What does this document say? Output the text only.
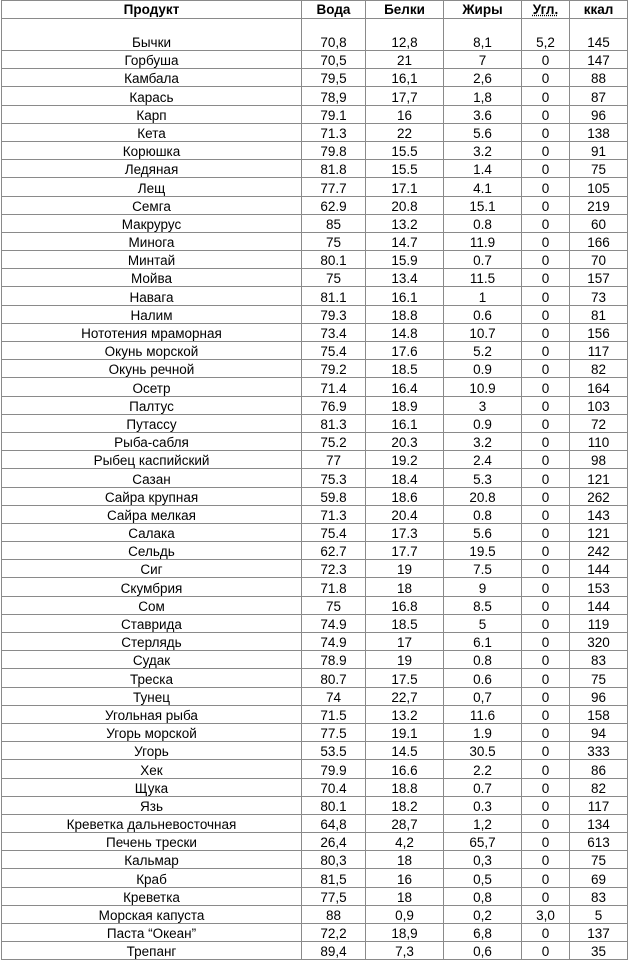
Продукт	Вода	Белки	Жиры	Угл.	ккал
Бычки	70,8	12,8	8,1	5,2	145
Горбуша	70,5	21	7	0	147
Камбала	79,5	16,1	2,6	0	88
Карась	78,9	17,7	1,8	0	87
Карп	79.1	16	3.6	0	96
Кета	71.3	22	5.6	0	138
Корюшка	79.8	15.5	3.2	0	91
Ледяная	81.8	15.5	1.4	0	75
Лещ	77.7	17.1	4.1	0	105
Семга	62.9	20.8	15.1	0	219
Макрурус	85	13.2	0.8	0	60
Минога	75	14.7	11.9	0	166
Минтай	80.1	15.9	0.7	0	70
Мойва	75	13.4	11.5	0	157
Навага	81.1	16.1	1	0	73
Налим	79.3	18.8	0.6	0	81
Нототения мраморная	73.4	14.8	10.7	0	156
Окунь морской	75.4	17.6	5.2	0	117
Окунь речной	79.2	18.5	0.9	0	82
Осетр	71.4	16.4	10.9	0	164
Палтус	76.9	18.9	3	0	103
Путассу	81.3	16.1	0.9	0	72
Рыба-сабля	75.2	20.3	3.2	0	110
Рыбец каспийский	77	19.2	2.4	0	98
Сазан	75.3	18.4	5.3	0	121
Сайра крупная	59.8	18.6	20.8	0	262
Сайра мелкая	71.3	20.4	0.8	0	143
Салака	75.4	17.3	5.6	0	121
Сельдь	62.7	17.7	19.5	0	242
Сиг	72.3	19	7.5	0	144
Скумбрия	71.8	18	9	0	153
Сом	75	16.8	8.5	0	144
Ставрида	74.9	18.5	5	0	119
Стерлядь	74.9	17	6.1	0	320
Судак	78.9	19	0.8	0	83
Треска	80.7	17.5	0.6	0	75
Тунец	74	22,7	0,7	0	96
Угольная рыба	71.5	13.2	11.6	0	158
Угорь морской	77.5	19.1	1.9	0	94
Угорь	53.5	14.5	30.5	0	333
Хек	79.9	16.6	2.2	0	86
Щука	70.4	18.8	0.7	0	82
Язь	80.1	18.2	0.3	0	117
Креветка дальневосточная	64,8	28,7	1,2	0	134
Печень трески	26,4	4,2	65,7	0	613
Кальмар	80,3	18	0,3	0	75
Краб	81,5	16	0,5	0	69
Креветка	77,5	18	0,8	0	83
Морская капуста	88	0,9	0,2	3,0	5
Паста “Океан”	72,2	18,9	6,8	0	137
Трепанг	89,4	7,3	0,6	0	35
